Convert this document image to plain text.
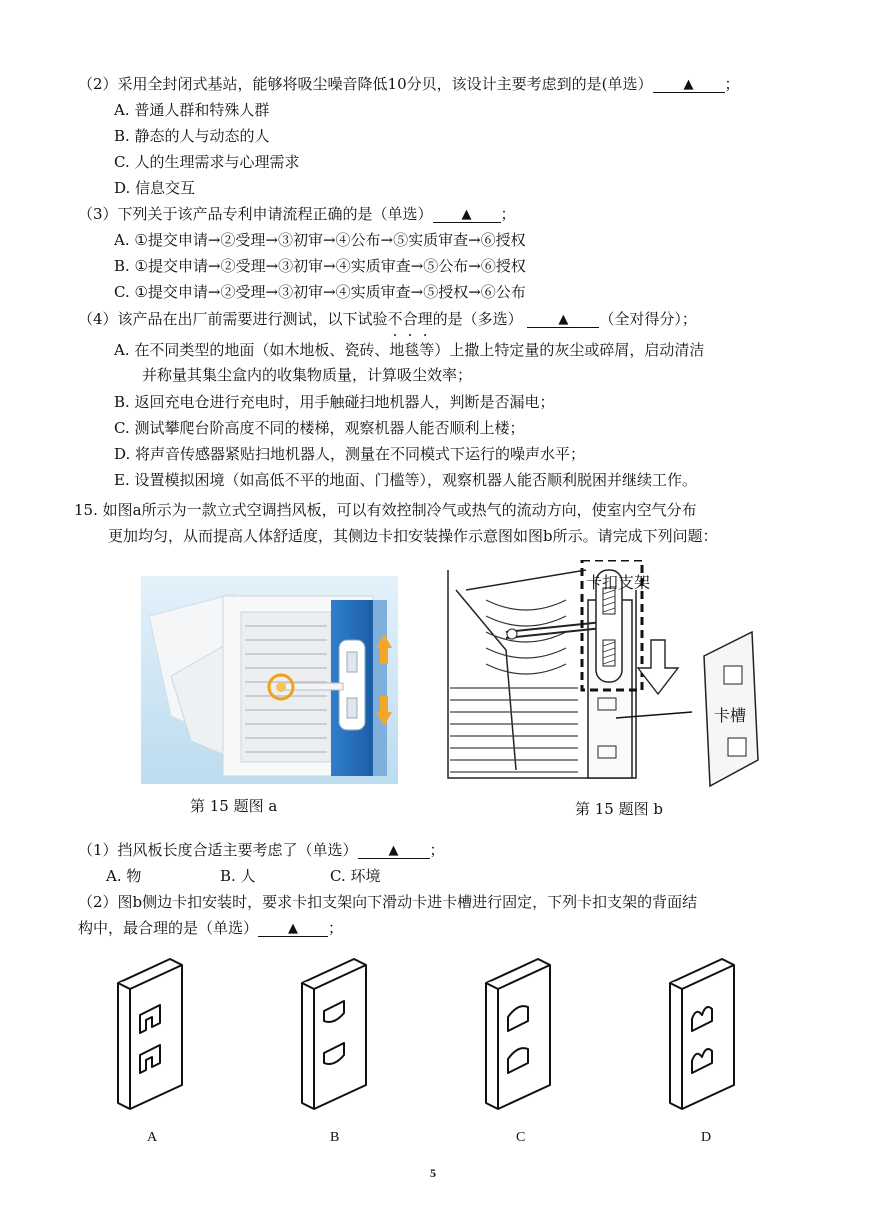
（2）采用全封闭式基站，能够将吸尘噪音降低10分贝，该设计主要考虑到的是(单选） ▲ ；
A. 普通人群和特殊人群
B. 静态的人与动态的人
C. 人的生理需求与心理需求
D. 信息交互
（3）下列关于该产品专利申请流程正确的是（单选） ▲ ；
A. ①提交申请→②受理→③初审→④公布→⑤实质审查→⑥授权
B. ①提交申请→②受理→③初审→④实质审查→⑤公布→⑥授权
C. ①提交申请→②受理→③初审→④实质审查→⑤授权→⑥公布
（4）该产品在出厂前需要进行测试，以下试验不合理的是（多选）	▲ （全对得分）；
A. 在不同类型的地面（如木地板、瓷砖、地毯等）上撒上特定量的灰尘或碎屑，启动清洁
并称量其集尘盒内的收集物质量，计算吸尘效率；
B. 返回充电仓进行充电时，用手触碰扫地机器人，判断是否漏电；
C. 测试攀爬台阶高度不同的楼梯，观察机器人能否顺利上楼；
D. 将声音传感器紧贴扫地机器人，测量在不同模式下运行的噪声水平；
E. 设置模拟困境（如高低不平的地面、门槛等），观察机器人能否顺利脱困并继续工作。
15. 如图a所示为一款立式空调挡风板，可以有效控制冷气或热气的流动方向，使室内空气分布
更加均匀，从而提高人体舒适度，其侧边卡扣安装操作示意图如图b所示。请完成下列问题：
第 15 题图 a
卡扣支架
卡槽
第 15 题图 b
（1）挡风板长度合适主要考虑了（单选） ▲ ；
A. 物	B. 人	C. 环境
（2）图b侧边卡扣安装时，要求卡扣支架向下滑动卡进卡槽进行固定，下列卡扣支架的背面结
构中，最合理的是（单选） ▲ ；
A	B	C	D
5
